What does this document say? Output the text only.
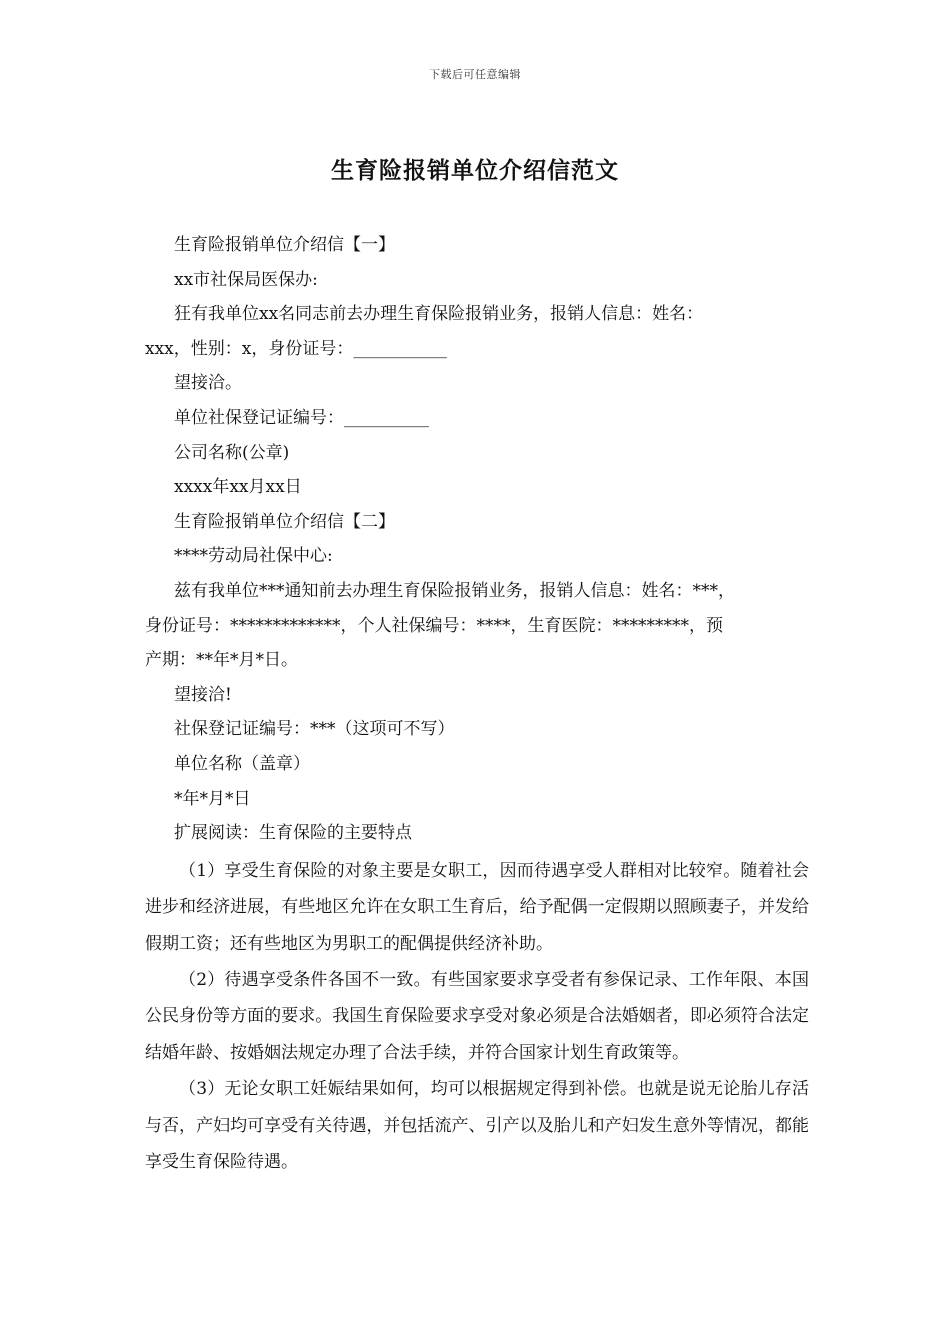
下载后可任意编辑
生育险报销单位介绍信范文
生育险报销单位介绍信【一】
xx市社保局医保办:
狂有我单位xx名同志前去办理生育保险报销业务，报销人信息：姓名：
xxx，性别：x，身份证号：___________
望接洽。
单位社保登记证编号：__________
公司名称(公章)
xxxx年xx月xx日
生育险报销单位介绍信【二】
****劳动局社保中心:
兹有我单位***通知前去办理生育保险报销业务，报销人信息：姓名：***，
身份证号：*************，个人社保编号：****，生育医院：*********，预
产期：**年*月*日。
望接洽!
社保登记证编号：***（这项可不写）
单位名称（盖章）
*年*月*日
扩展阅读：生育保险的主要特点

（1）享受生育保险的对象主要是女职工，因而待遇享受人群相对比较窄。随着社会进步和经济进展，有些地区允许在女职工生育后，给予配偶一定假期以照顾妻子，并发给假期工资；还有些地区为男职工的配偶提供经济补助。

（2）待遇享受条件各国不一致。有些国家要求享受者有参保记录、工作年限、本国公民身份等方面的要求。我国生育保险要求享受对象必须是合法婚姻者，即必须符合法定结婚年龄、按婚姻法规定办理了合法手续，并符合国家计划生育政策等。

（3）无论女职工妊娠结果如何，均可以根据规定得到补偿。也就是说无论胎儿存活与否，产妇均可享受有关待遇，并包括流产、引产以及胎儿和产妇发生意外等情况，都能享受生育保险待遇。
